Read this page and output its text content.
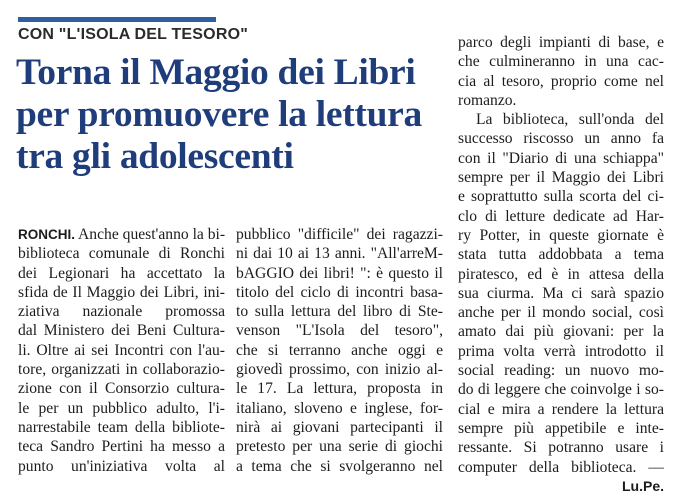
CON "L'ISOLA DEL TESORO"
Torna il Maggio dei Libri
per promuovere la lettura
tra gli adolescenti
RONCHI. Anche quest'anno la bi-
biblioteca comunale di Ronchi
dei Legionari ha accettato la
sfida de Il Maggio dei Libri, ini-
ziativa nazionale promossa
dal Ministero dei Beni Cultura-
li. Oltre ai sei Incontri con l'au-
tore, organizzati in collaborazio-
zione con il Consorzio cultura-
le per un pubblico adulto, l'i-
narrestabile team della bibliote-
teca Sandro Pertini ha messo a
punto un'iniziativa volta al
pubblico "difficile" dei ragazzi-
ni dai 10 ai 13 anni. "All'arreM-
bAGGIO dei libri! ": è questo il
titolo del ciclo di incontri basa-
to sulla lettura del libro di Ste-
venson "L'Isola del tesoro",
che si terranno anche oggi e
giovedì prossimo, con inizio al-
le 17. La lettura, proposta in
italiano, sloveno e inglese, for-
nirà ai giovani partecipanti il
pretesto per una serie di giochi
a tema che si svolgeranno nel
parco degli impianti di base, e
che culmineranno in una cac-
cia al tesoro, proprio come nel
romanzo.
La biblioteca, sull'onda del
successo riscosso un anno fa
con il "Diario di una schiappa"
sempre per il Maggio dei Libri
e soprattutto sulla scorta del ci-
clo di letture dedicate ad Har-
ry Potter, in queste giornate è
stata tutta addobbata a tema
piratesco, ed è in attesa della
sua ciurma. Ma ci sarà spazio
anche per il mondo social, così
amato dai più giovani: per la
prima volta verrà introdotto il
social reading: un nuovo mo-
do di leggere che coinvolge i so-
cial e mira a rendere la lettura
sempre più appetibile e inte-
ressante. Si potranno usare i
computer della biblioteca. —
Lu.Pe.
